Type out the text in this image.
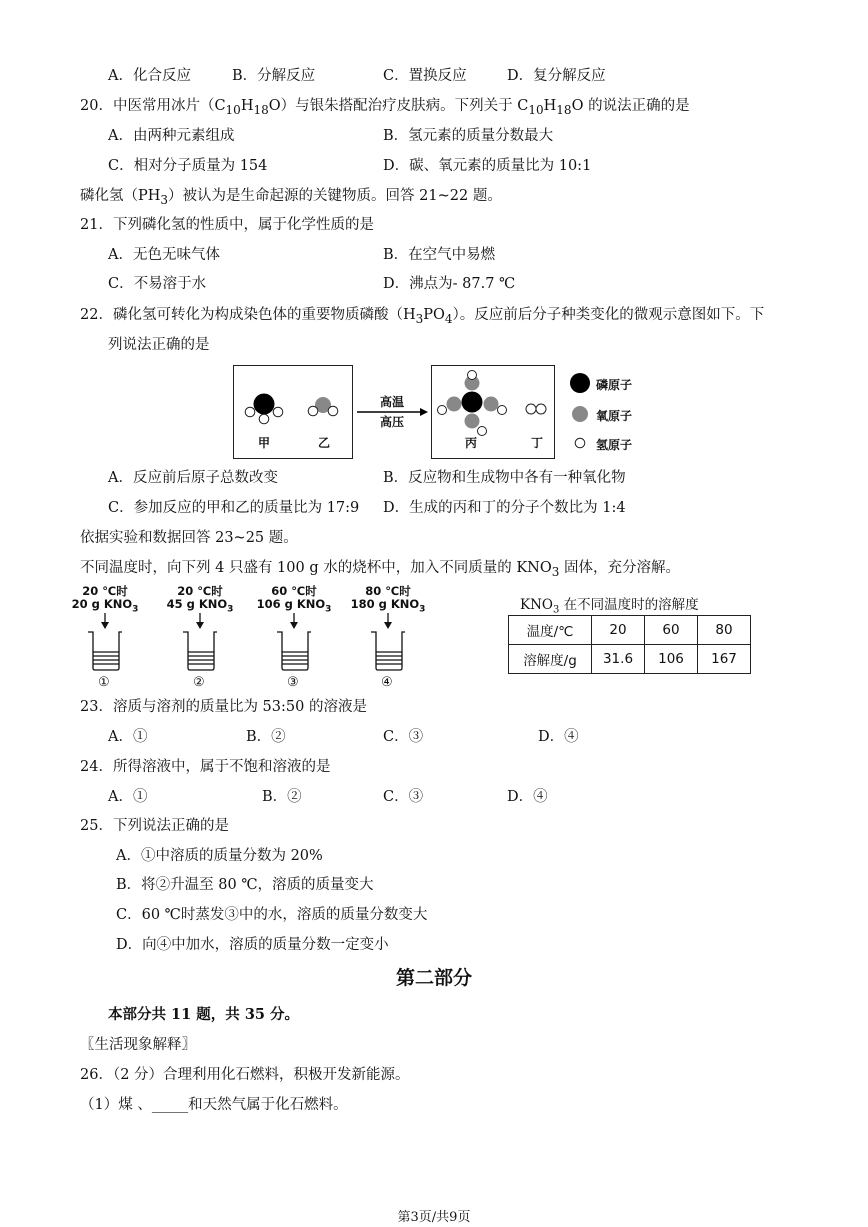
A．化合反应	B．分解反应	C．置换反应	D．复分解反应
20．中医常用冰片$(C_{10}H_{18}O)$与银朱搭配治疗皮肤病。下列关于 $C_{10}H_{18}O$ 的说法正确的是
A．由两种元素组成	B．氢元素的质量分数最大
C．相对分子质量为 154	D．碳、氧元素的质量比为 10:1
磷化氢$(PH_3)$被认为是生命起源的关键物质。回答 21~22 题。
21．下列磷化氢的性质中，属于化学性质的是
A．无色无味气体	B．在空气中易燃
C．不易溶于水	D．沸点为- 87.7 ℃
22．磷化氢可转化为构成染色体的重要物质磷酸$(H_3PO_4)$。反应前后分子种类变化的微观示意图如下。下
列说法正确的是
甲	乙	丙	丁
高温
高压
磷原子
氧原子
氢原子
A．反应前后原子总数改变	B．反应物和生成物中各有一种氧化物
C．参加反应的甲和乙的质量比为 17:9 D．生成的丙和丁的分子个数比为 1:4
依据实验和数据回答 23~25 题。
不同温度时，向下列 4 只盛有 100 g 水的烧杯中，加入不同质量的 $KNO_3$ 固体，充分溶解。
20 ℃时
20 g $KNO_3$
20 ℃时
45 g $KNO_3$
60 ℃时
106 g $KNO_3$
80 ℃时
180 g $KNO_3$
①	②	③	④
$KNO_3$ 在不同温度时的溶解度
温度/℃	20	60	80
溶解度/g	31.6	106	167
23．溶质与溶剂的质量比为 53:50 的溶液是
A．①	B．②	C．③	D．④
24．所得溶液中，属于不饱和溶液的是
A．①	B．②	C．③	D．④
25．下列说法正确的是
A．①中溶质的质量分数为 20%
B．将②升温至 80 ℃，溶质的质量变大
C．60 ℃时蒸发③中的水，溶质的质量分数变大
D．向④中加水，溶质的质量分数一定变小
第二部分
本部分共 11 题，共 35 分。
〖生活现象解释〗
26．（2 分）合理利用化石燃料，积极开发新能源。
（1）煤 、_____和天然气属于化石燃料。
第3页/共9页
